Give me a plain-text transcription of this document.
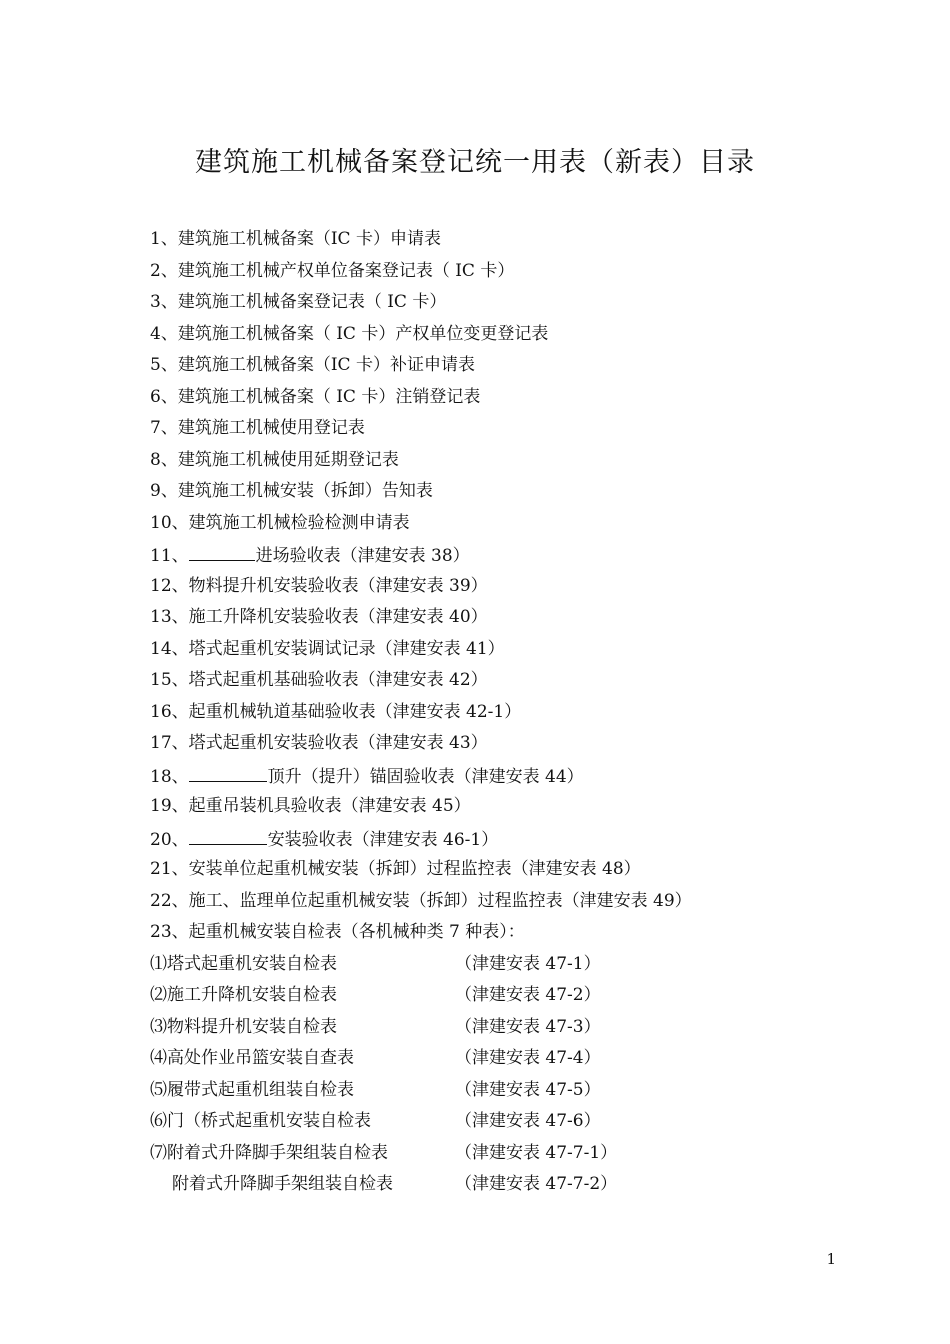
建筑施工机械备案登记统一用表（新表）目录
1、建筑施工机械备案（IC 卡）申请表
2、建筑施工机械产权单位备案登记表（ IC 卡）
3、建筑施工机械备案登记表（ IC 卡）
4、建筑施工机械备案（ IC 卡）产权单位变更登记表
5、建筑施工机械备案（IC 卡）补证申请表
6、建筑施工机械备案（ IC 卡）注销登记表
7、建筑施工机械使用登记表
8、建筑施工机械使用延期登记表
9、建筑施工机械安装（拆卸）告知表
10、建筑施工机械检验检测申请表
11、	进场验收表（津建安表 38）
12、物料提升机安装验收表（津建安表 39）
13、施工升降机安装验收表（津建安表 40）
14、塔式起重机安装调试记录（津建安表 41）
15、塔式起重机基础验收表（津建安表 42）
16、起重机械轨道基础验收表（津建安表 42-1）
17、塔式起重机安装验收表（津建安表 43）
18、	顶升（提升）锚固验收表（津建安表 44）
19、起重吊装机具验收表（津建安表 45）
20、	安装验收表（津建安表 46-1）
21、安装单位起重机械安装（拆卸）过程监控表（津建安表 48）
22、施工、监理单位起重机械安装（拆卸）过程监控表（津建安表 49）
23、起重机械安装自检表（各机械种类 7 种表）：
⑴塔式起重机安装自检表	（津建安表 47-1）
⑵施工升降机安装自检表	（津建安表 47-2）
⑶物料提升机安装自检表	（津建安表 47-3）
⑷高处作业吊篮安装自查表	（津建安表 47-4）
⑸履带式起重机组装自检表	（津建安表 47-5）
⑹门（桥式起重机安装自检表	（津建安表 47-6）
⑺附着式升降脚手架组装自检表	（津建安表 47-7-1）
附着式升降脚手架组装自检表	（津建安表 47-7-2）
1
